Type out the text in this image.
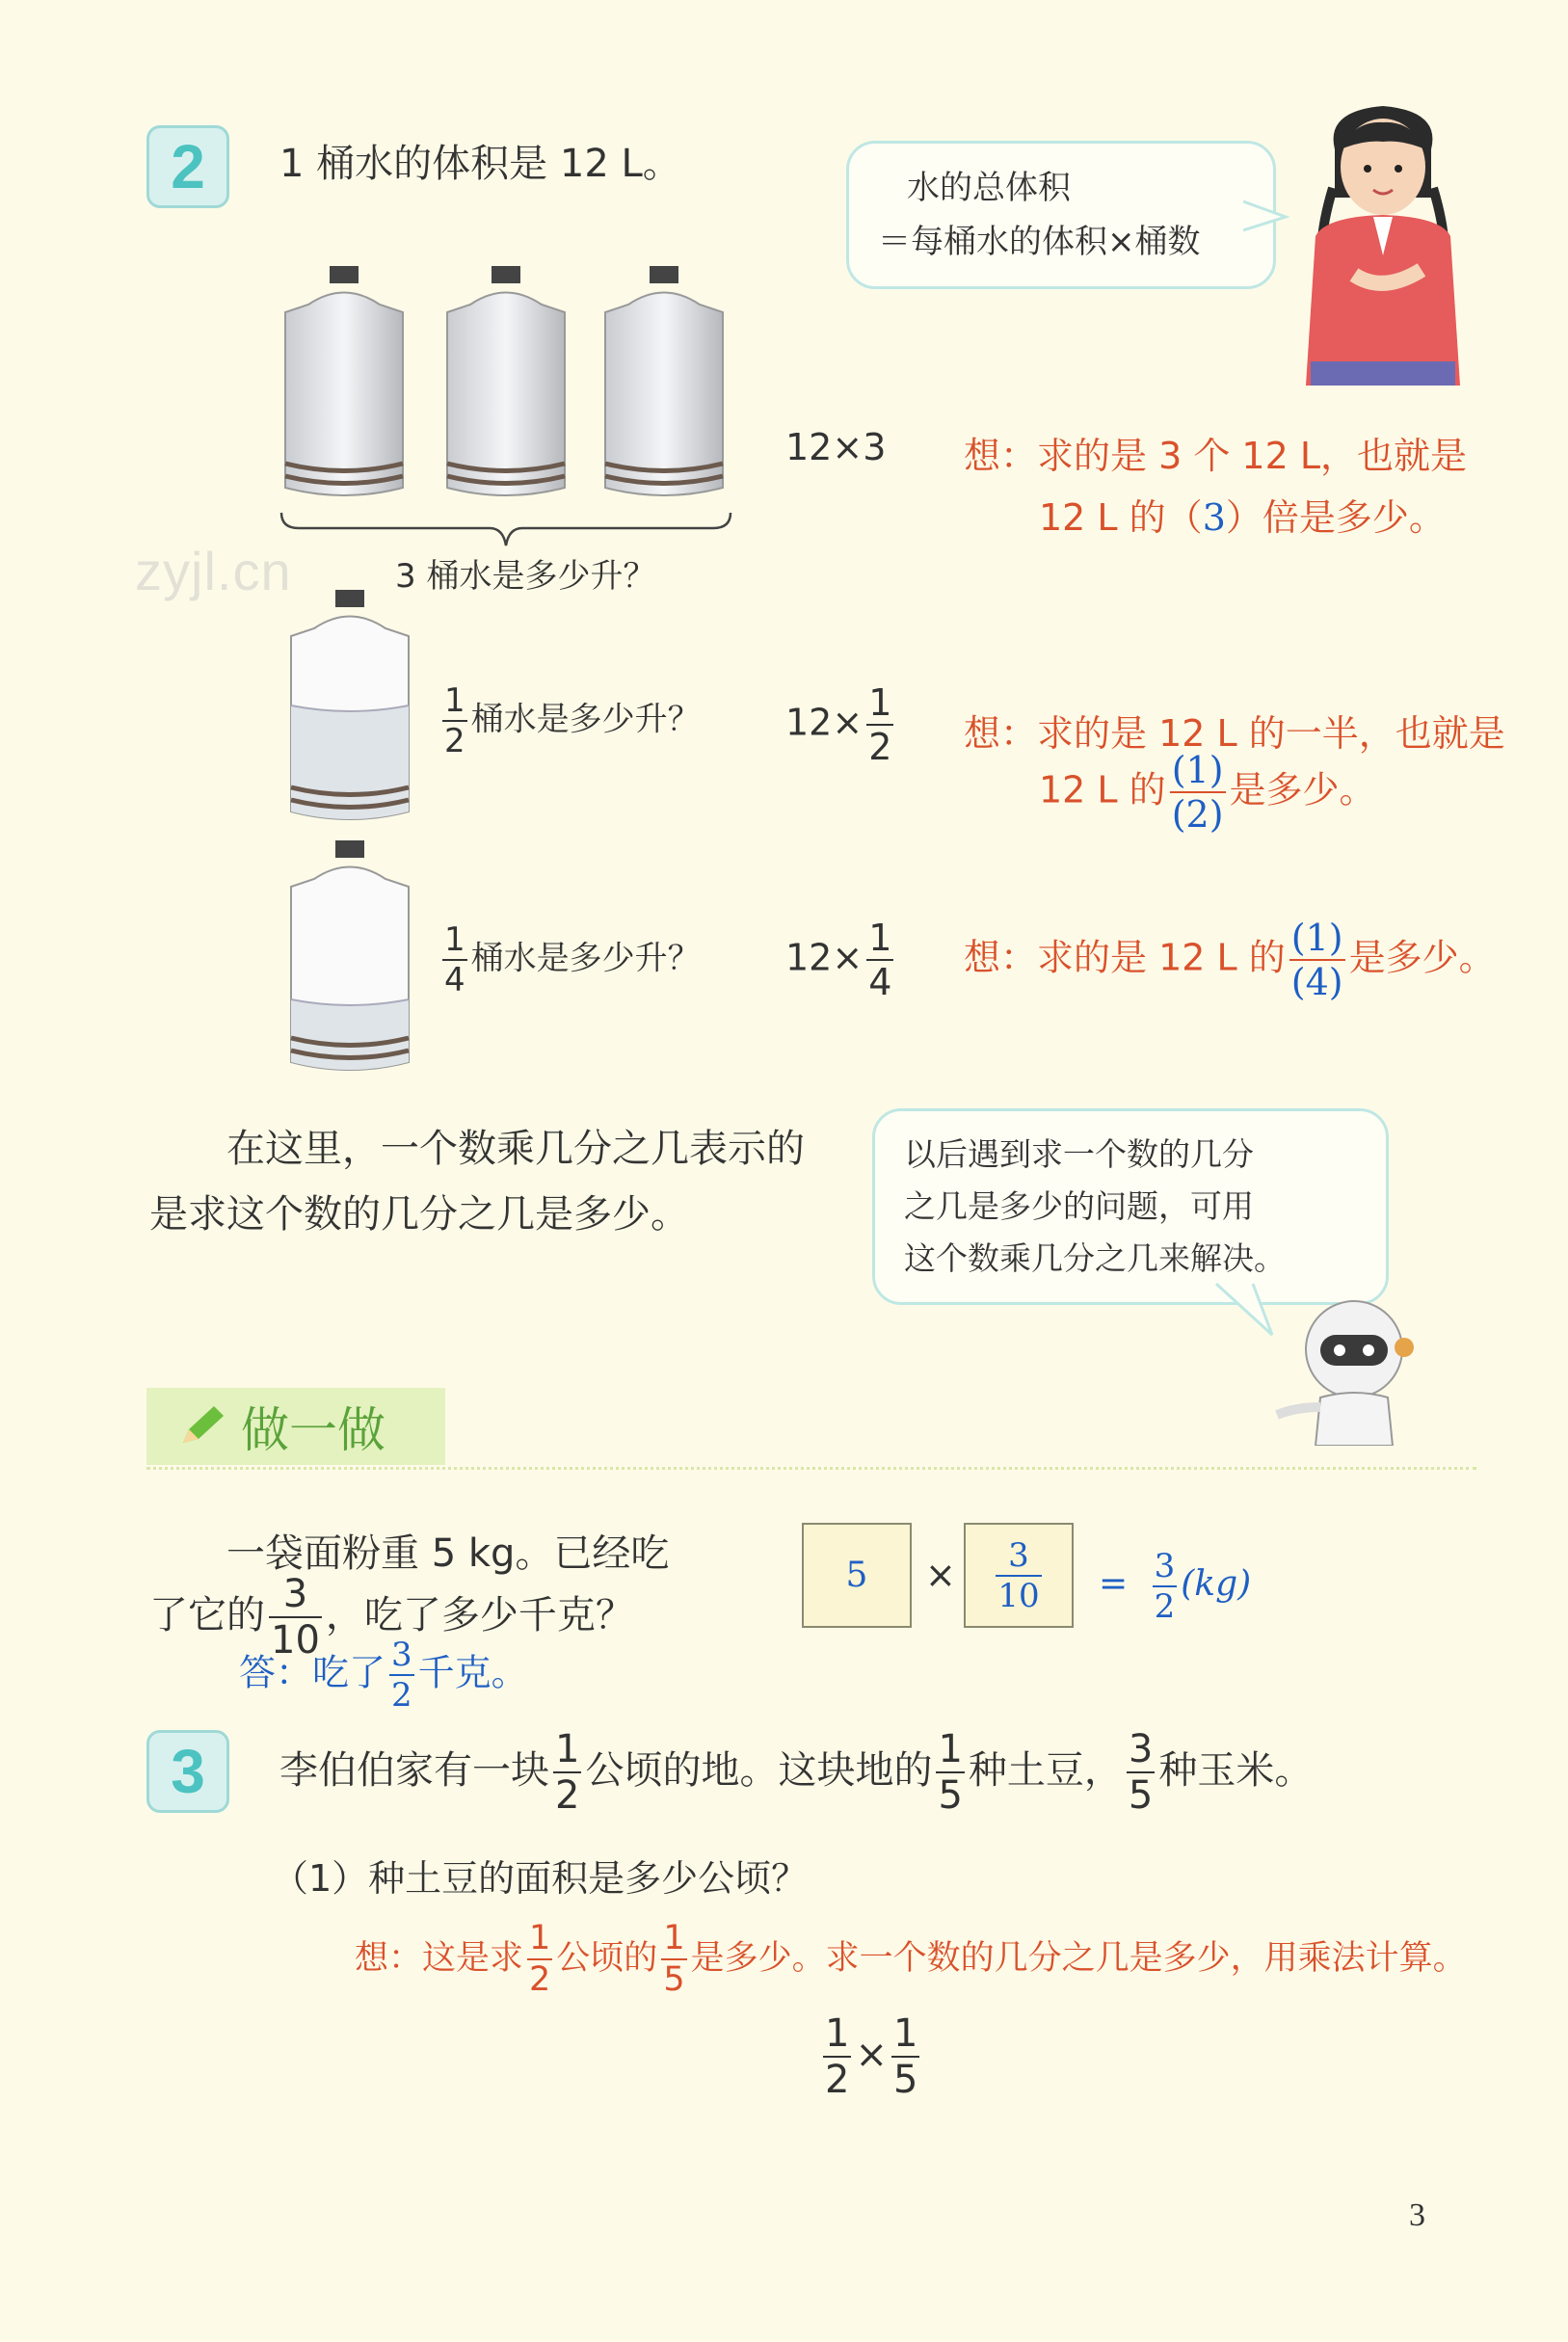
2	1 桶水的体积是 12 L。
水的总体积
＝每桶水的体积×桶数
3 桶水是多少升？
zyjl.cn
12×3 想：求的是 3 个 12 L，也就是
12 L 的（3）倍是多少。
$\frac{1}{2}$ 桶水是多少升？ $12\times \frac{1}{2}$ 想：求的是 12 L 的一半，也就是
12 L 的 $\frac{(1)}{(2)}$ 是多少。
$\frac{1}{4}$ 桶水是多少升？ $12\times \frac{1}{4}$ 想：求的是 12 L 的 $\frac{(1)}{(4)}$ 是多少。
在这里，一个数乘几分之几表示的
是求这个数的几分之几是多少。
以后遇到求一个数的几分
之几是多少的问题，可用
这个数乘几分之几来解决。
做一做
一袋面粉重 5 kg。已经吃
了它的 $\frac{3}{10}$ ，吃了多少千克？
5	× $\frac{3}{10} = \frac{3}{2} (kg)$
答：吃了 $\frac{3}{2}$ 千克。
3	李伯伯家有一块 $\frac{1}{2}$ 公顷的地。这块地的 $\frac{1}{5}$ 种土豆， $\frac{3}{5}$ 种玉米。
（1）种土豆的面积是多少公顷？
想：这是求 $\frac{1}{2}$ 公顷的 $\frac{1}{5}$ 是多少。求一个数的几分之几是多少，用乘法计算。
$\frac{1}{2} \times \frac{1}{5}$
3
